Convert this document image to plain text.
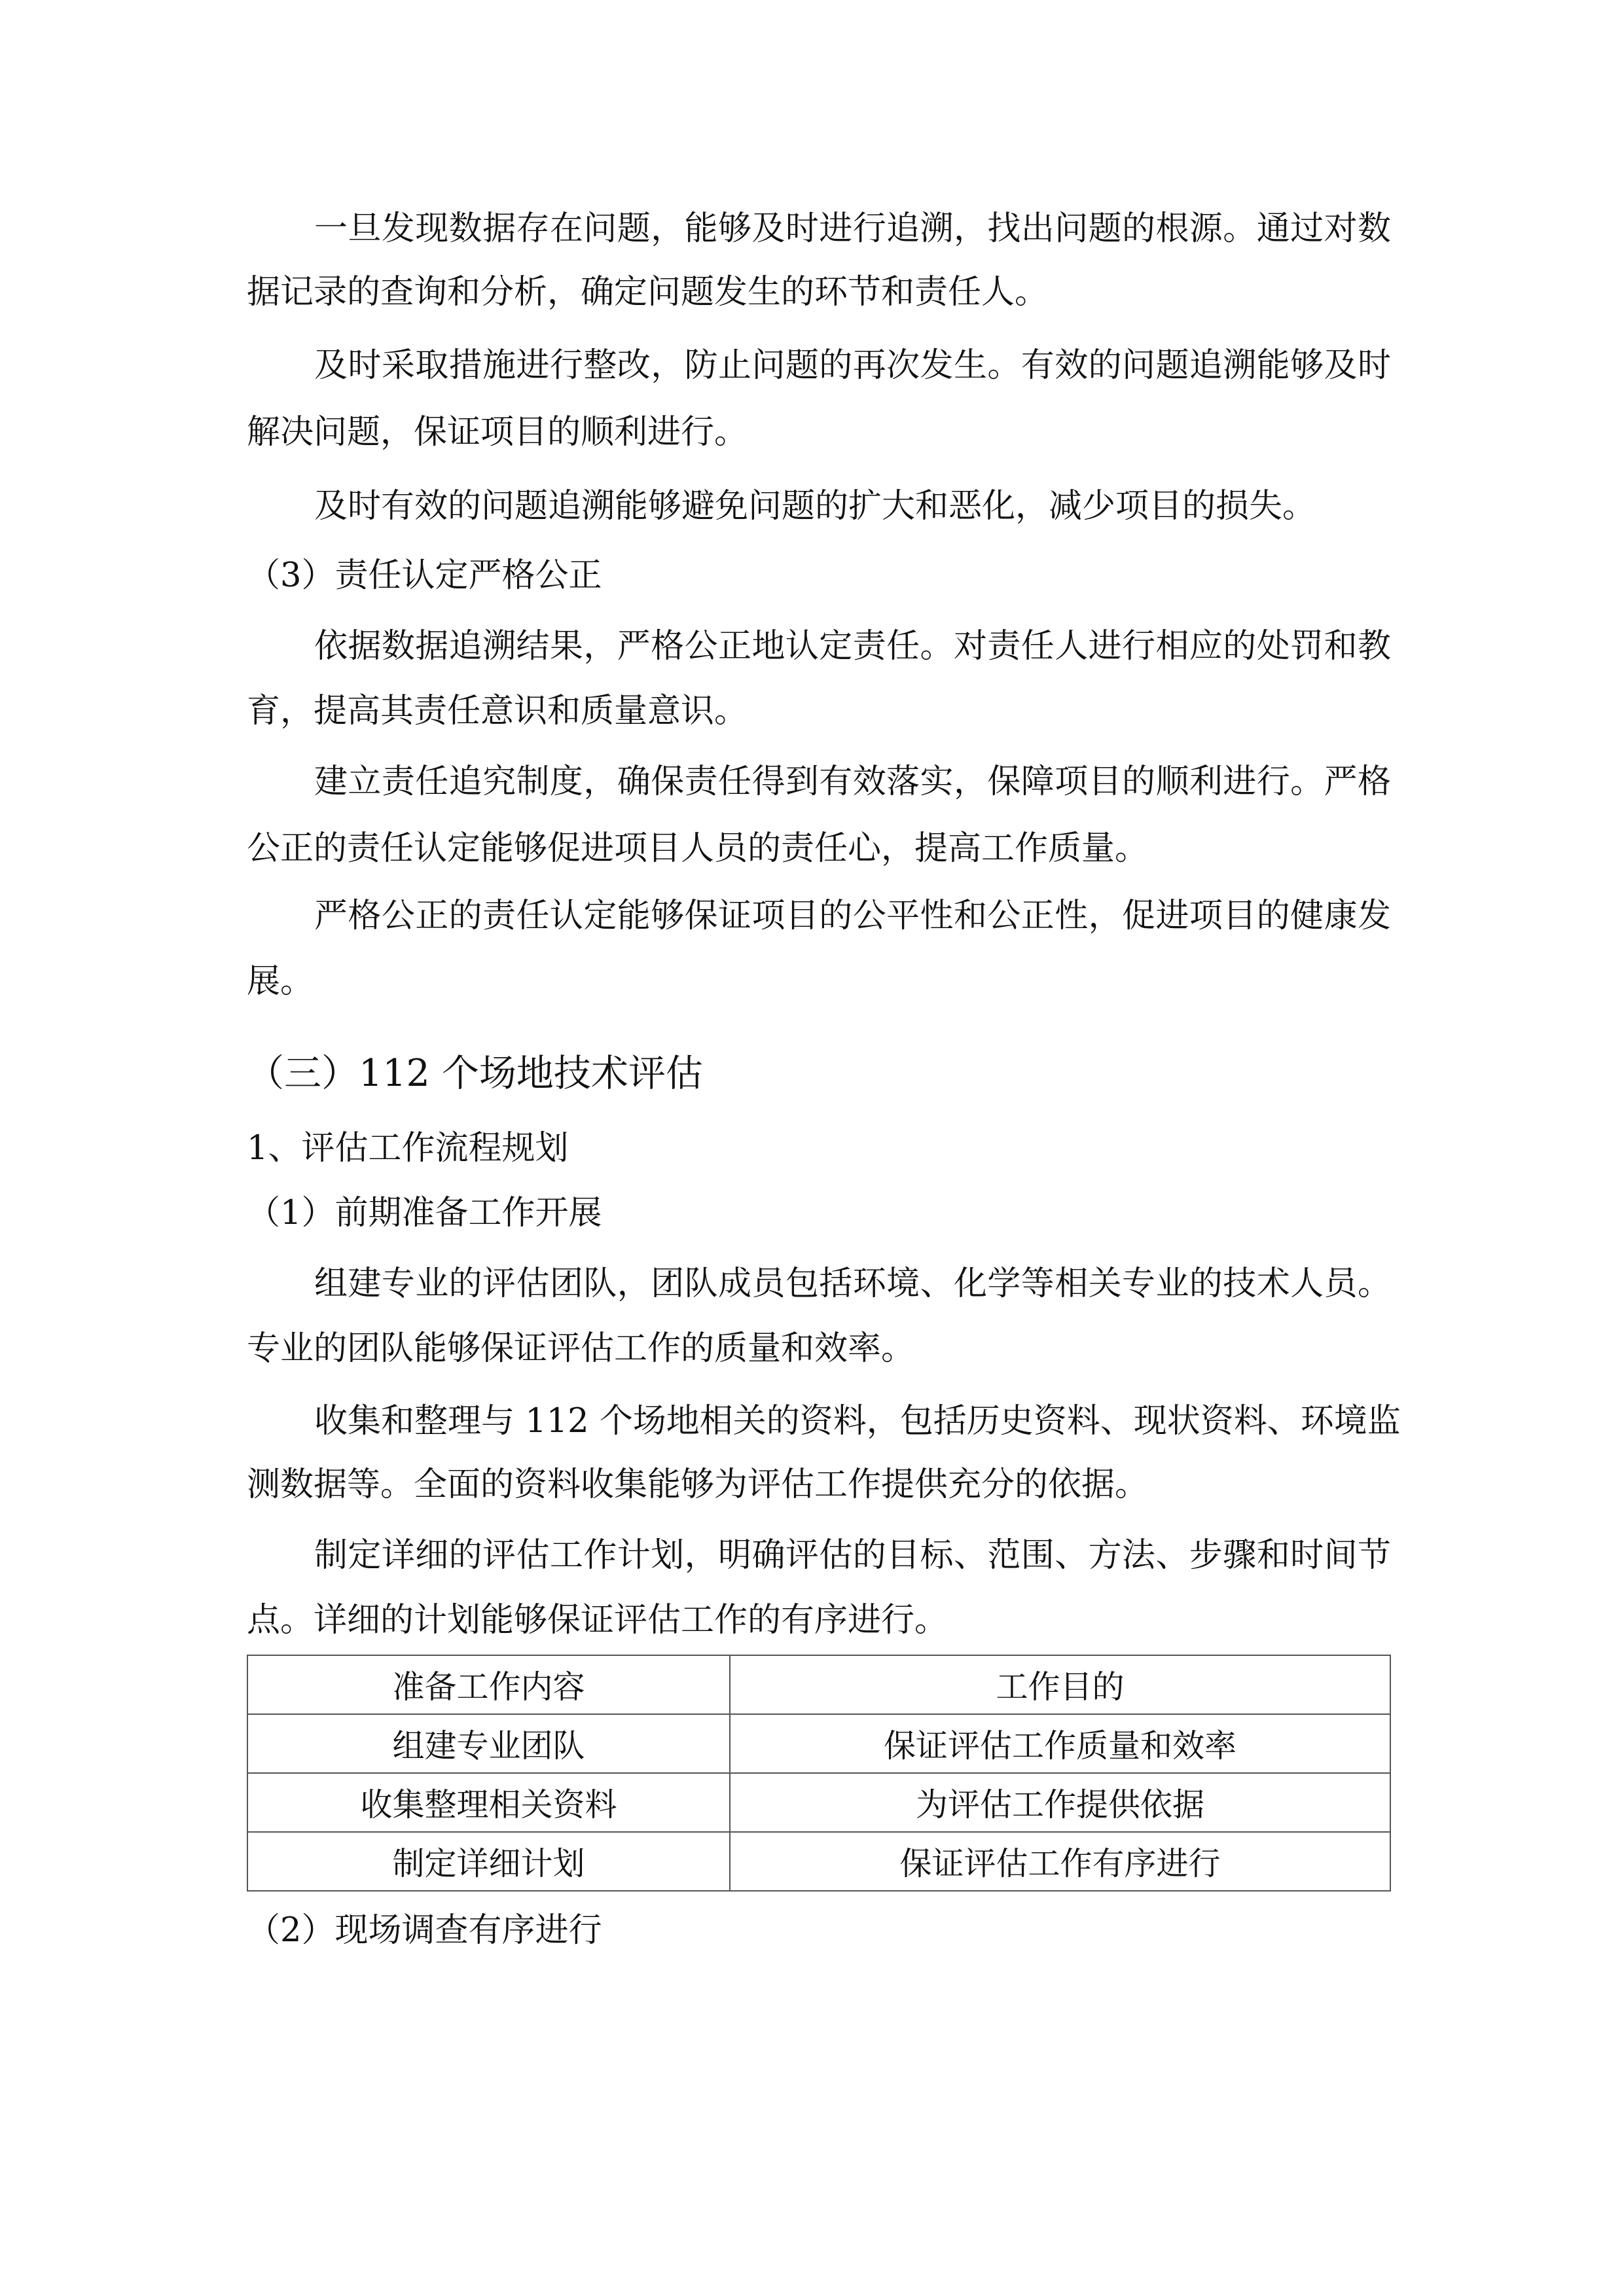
一旦发现数据存在问题，能够及时进行追溯，找出问题的根源。通过对数
据记录的查询和分析，确定问题发生的环节和责任人。
及时采取措施进行整改，防止问题的再次发生。有效的问题追溯能够及时
解决问题，保证项目的顺利进行。
及时有效的问题追溯能够避免问题的扩大和恶化，减少项目的损失。
（3）责任认定严格公正
依据数据追溯结果，严格公正地认定责任。对责任人进行相应的处罚和教
育，提高其责任意识和质量意识。
建立责任追究制度，确保责任得到有效落实，保障项目的顺利进行。严格
公正的责任认定能够促进项目人员的责任心，提高工作质量。
严格公正的责任认定能够保证项目的公平性和公正性，促进项目的健康发
展。
（三）112 个场地技术评估
1、评估工作流程规划
（1）前期准备工作开展
组建专业的评估团队，团队成员包括环境、化学等相关专业的技术人员。
专业的团队能够保证评估工作的质量和效率。
收集和整理与 112 个场地相关的资料，包括历史资料、现状资料、环境监
测数据等。全面的资料收集能够为评估工作提供充分的依据。
制定详细的评估工作计划，明确评估的目标、范围、方法、步骤和时间节
点。详细的计划能够保证评估工作的有序进行。
准备工作内容	工作目的
组建专业团队	保证评估工作质量和效率
收集整理相关资料	为评估工作提供依据
制定详细计划	保证评估工作有序进行
（2）现场调查有序进行
